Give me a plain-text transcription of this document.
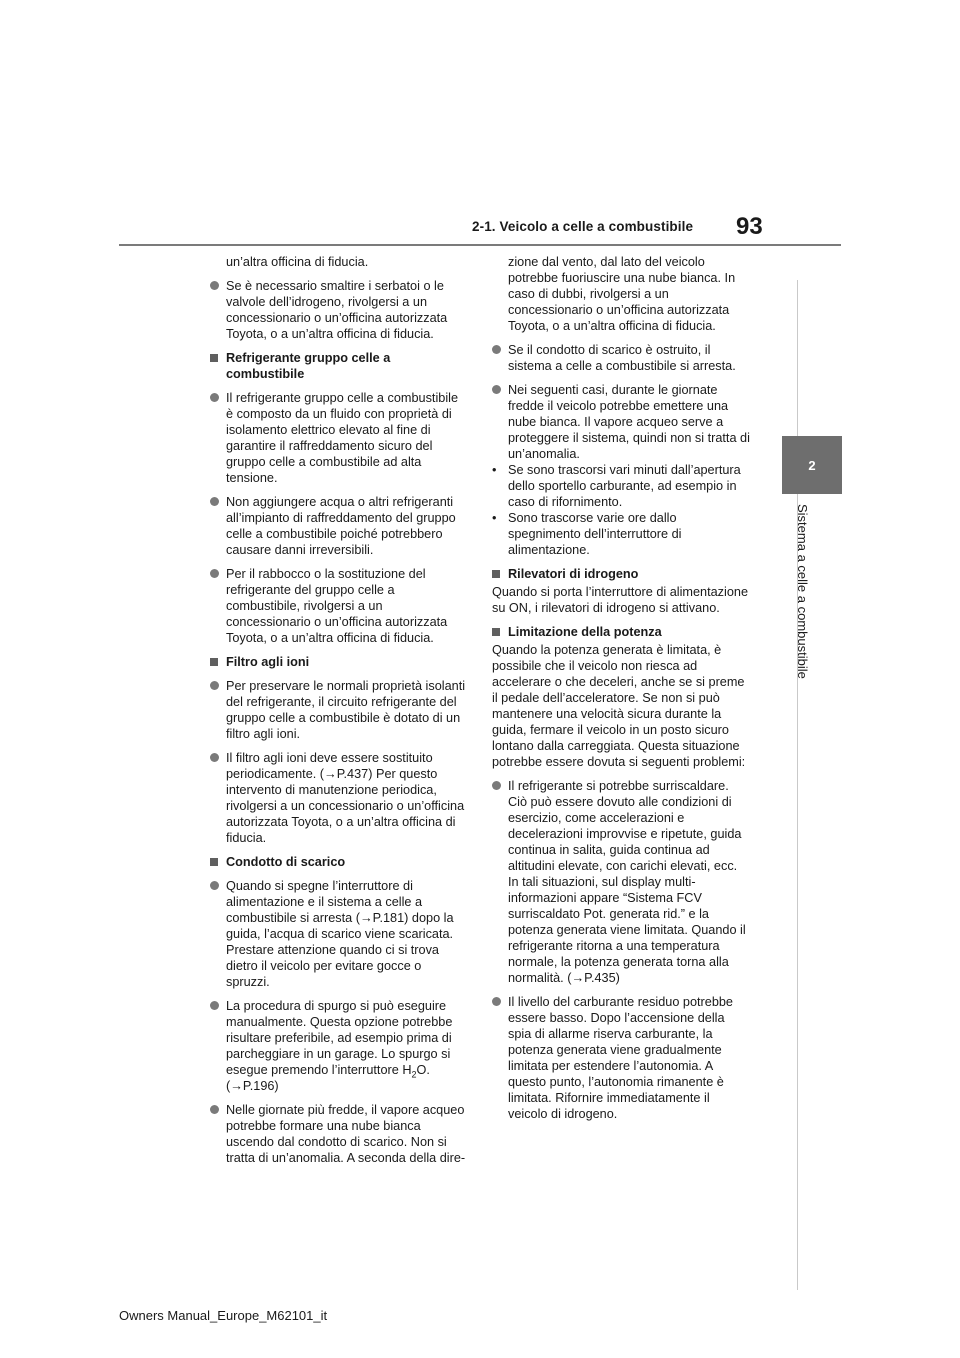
2-1. Veicolo a celle a combustibile 93
2
Sistema a celle a combustibile
un’altra officina di fiducia.
Se è necessario smaltire i serbatoi o le valvole dell’idrogeno, rivolgersi a un concessionario o un’officina autorizzata Toyota, o a un’altra officina di fiducia.
Refrigerante gruppo celle a combustibile
Il refrigerante gruppo celle a combustibile è composto da un fluido con proprietà di isolamento elettrico elevato al fine di garantire il raffreddamento sicuro del gruppo celle a combustibile ad alta tensione.
Non aggiungere acqua o altri refrigeranti all’impianto di raffreddamento del gruppo celle a combustibile poiché potrebbero causare danni irreversibili.
Per il rabbocco o la sostituzione del refrigerante del gruppo celle a combustibile, rivolgersi a un concessionario o un’officina autorizzata Toyota, o a un’altra officina di fiducia.
Filtro agli ioni
Per preservare le normali proprietà isolanti del refrigerante, il circuito refrigerante del gruppo celle a combustibile è dotato di un filtro agli ioni.
Il filtro agli ioni deve essere sostituito periodicamente. (→P.437) Per questo intervento di manutenzione periodica, rivolgersi a un concessionario o un’officina autorizzata Toyota, o a un’altra officina di fiducia.
Condotto di scarico
Quando si spegne l’interruttore di alimentazione e il sistema a celle a combustibile si arresta (→P.181) dopo la guida, l’acqua di scarico viene scaricata. Prestare attenzione quando ci si trova dietro il veicolo per evitare gocce o spruzzi.
La procedura di spurgo si può eseguire manualmente. Questa opzione potrebbe risultare preferibile, ad esempio prima di parcheggiare in un garage. Lo spurgo si esegue premendo l’interruttore $H_2O$. (→P.196)
Nelle giornate più fredde, il vapore acqueo potrebbe formare una nube bianca uscendo dal condotto di scarico. Non si tratta di un’anomalia. A seconda della dire-
zione dal vento, dal lato del veicolo potrebbe fuoriuscire una nube bianca. In caso di dubbi, rivolgersi a un concessionario o un’officina autorizzata Toyota, o a un’altra officina di fiducia.
Se il condotto di scarico è ostruito, il sistema a celle a combustibile si arresta.
Nei seguenti casi, durante le giornate fredde il veicolo potrebbe emettere una nube bianca. Il vapore acqueo serve a proteggere il sistema, quindi non si tratta di un’anomalia.
• Se sono trascorsi vari minuti dall’apertura dello sportello carburante, ad esempio in caso di rifornimento.
• Sono trascorse varie ore dallo spegnimento dell’interruttore di alimentazione.
Rilevatori di idrogeno
Quando si porta l’interruttore di alimentazione su ON, i rilevatori di idrogeno si attivano.
Limitazione della potenza
Quando la potenza generata è limitata, è possibile che il veicolo non riesca ad accelerare o che deceleri, anche se si preme il pedale dell’acceleratore. Se non si può mantenere una velocità sicura durante la guida, fermare il veicolo in un posto sicuro lontano dalla carreggiata. Questa situazione potrebbe essere dovuta si seguenti problemi:
Il refrigerante si potrebbe surriscaldare. Ciò può essere dovuto alle condizioni di esercizio, come accelerazioni e decelerazioni improvvise e ripetute, guida continua in salita, guida continua ad altitudini elevate, con carichi elevati, ecc. In tali situazioni, sul display multi-informazioni appare “Sistema FCV surriscaldato Pot. generata rid.” e la potenza generata viene limitata. Quando il refrigerante ritorna a una temperatura normale, la potenza generata torna alla normalità. (→P.435)
Il livello del carburante residuo potrebbe essere basso. Dopo l’accensione della spia di allarme riserva carburante, la potenza generata viene gradualmente limitata per estendere l’autonomia. A questo punto, l’autonomia rimanente è limitata. Rifornire immediatamente il veicolo di idrogeno.
Owners Manual_Europe_M62101_it
